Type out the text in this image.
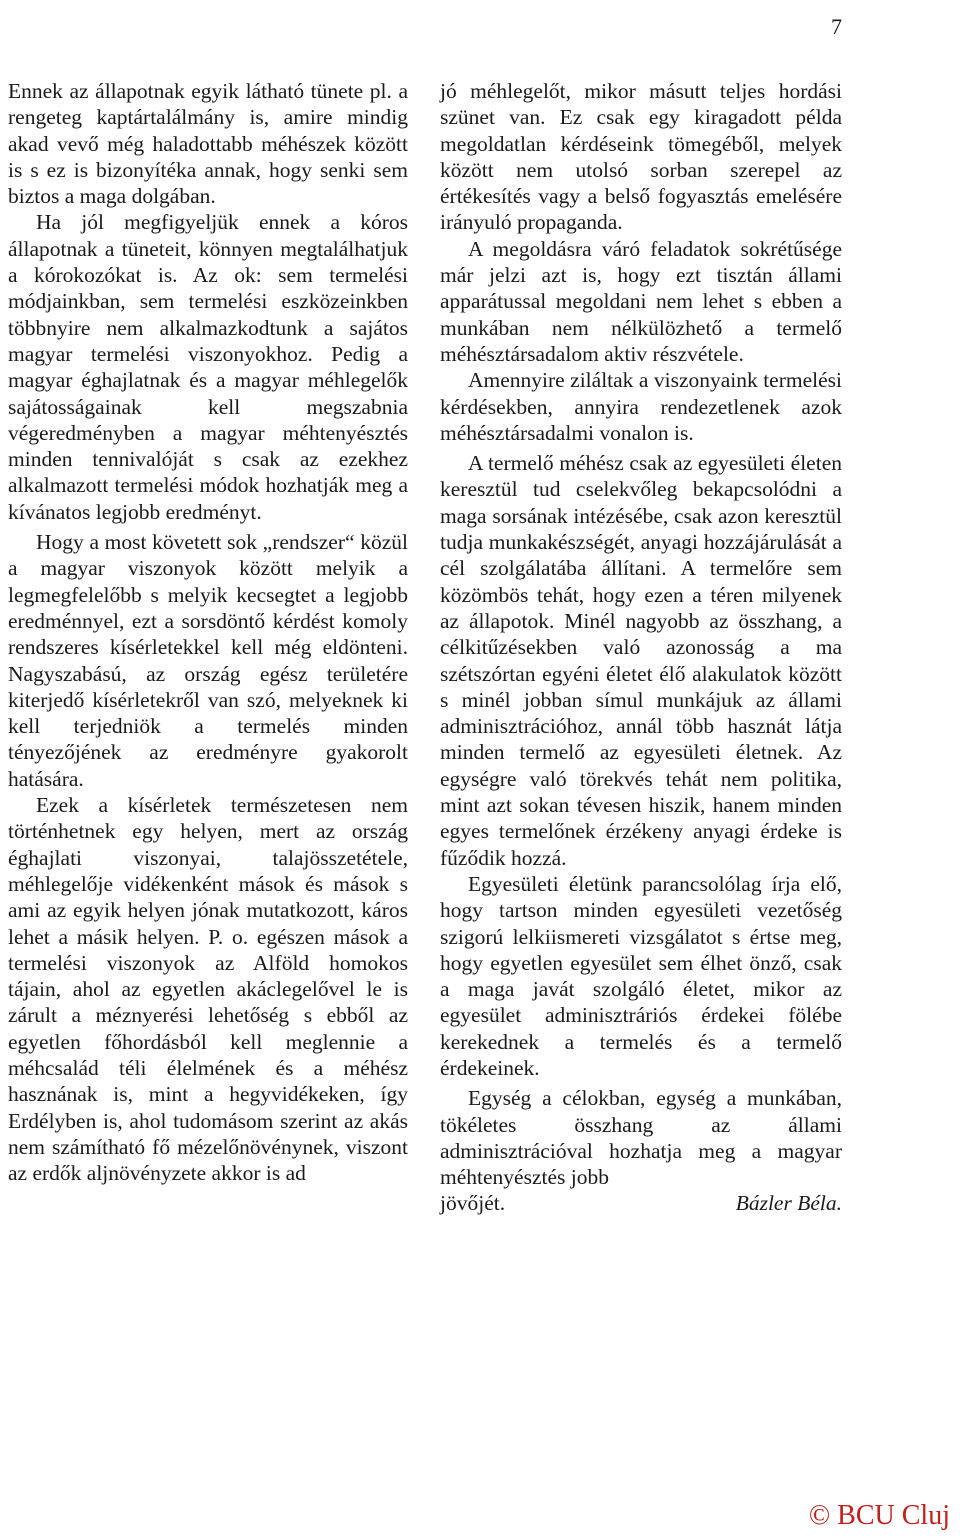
7

Ennek az állapotnak egyik látható tünete pl. a rengeteg kaptártalálmány is, amire mindig akad vevő még haladottabb méhészek között is s ez is bizonyítéka annak, hogy senki sem biztos a maga dolgában.

Ha jól megfigyeljük ennek a kóros állapotnak a tüneteit, könnyen megtalálhatjuk a kórokozókat is. Az ok: sem termelési módjainkban, sem termelési eszközeinkben többnyire nem alkalmazkodtunk a sajátos magyar termelési viszonyokhoz. Pedig a magyar éghajlatnak és a magyar méhlegelők sajátosságainak kell megszabnia végeredményben a magyar méhtenyésztés minden tennivalóját s csak az ezekhez alkalmazott termelési módok hozhatják meg a kívánatos legjobb eredményt.

Hogy a most követett sok „rendszer“ közül a magyar viszonyok között melyik a legmegfelelőbb s melyik kecsegtet a legjobb eredménnyel, ezt a sorsdöntő kérdést komoly rendszeres kísérletekkel kell még eldönteni. Nagyszabású, az ország egész területére kiterjedő kísérletekről van szó, melyeknek ki kell terjedniök a termelés minden tényezőjének az eredményre gyakorolt hatására.

Ezek a kísérletek természetesen nem történhetnek egy helyen, mert az ország éghajlati viszonyai, talajösszetétele, méhlegelője vidékenként mások és mások s ami az egyik helyen jónak mutatkozott, káros lehet a másik helyen. P. o. egészen mások a termelési viszonyok az Alföld homokos tájain, ahol az egyetlen akáclegelővel le is zárult a méznyerési lehetőség s ebből az egyetlen főhordásból kell meglennie a méhcsalád téli élelmének és a méhész hasznának is, mint a hegyvidékeken, így Erdélyben is, ahol tudomásom szerint az akás nem számítható fő mézelőnövénynek, viszont az erdők aljnövényzete akkor is ad

jó méhlegelőt, mikor másutt teljes hordási szünet van. Ez csak egy kiragadott példa megoldatlan kérdéseink tömegéből, melyek között nem utolsó sorban szerepel az értékesítés vagy a belső fogyasztás emelésére irányuló propaganda.

A megoldásra váró feladatok sokrétűsége már jelzi azt is, hogy ezt tisztán állami apparátussal megoldani nem lehet s ebben a munkában nem nélkülözhető a termelő méhésztársadalom aktiv részvétele.

Amennyire ziláltak a viszonyaink termelési kérdésekben, annyira rendezetlenek azok méhésztársadalmi vonalon is.

A termelő méhész csak az egyesületi életen keresztül tud cselekvőleg bekapcsolódni a maga sorsának intézésébe, csak azon keresztül tudja munkakészségét, anyagi hozzájárulását a cél szolgálatába állítani. A termelőre sem közömbös tehát, hogy ezen a téren milyenek az állapotok. Minél nagyobb az összhang, a célkitűzésekben való azonosság a ma szétszórtan egyéni életet élő alakulatok között s minél jobban símul munkájuk az állami adminisztrációhoz, annál több hasznát látja minden termelő az egyesületi életnek. Az egységre való törekvés tehát nem politika, mint azt sokan tévesen hiszik, hanem minden egyes termelőnek érzékeny anyagi érdeke is fűződik hozzá.

Egyesületi életünk parancsolólag írja elő, hogy tartson minden egyesületi vezetőség szigorú lelkiismereti vizsgálatot s értse meg, hogy egyetlen egyesület sem élhet önző, csak a maga javát szolgáló életet, mikor az egyesület adminisztráriós érdekei fölébe kerekednek a termelés és a termelő érdekeinek.

Egység a célokban, egység a munkában, tökéletes összhang az állami adminisztrációval hozhatja meg a magyar méhtenyésztés jobb

jövőjét.	Bázler Béla.
© BCU Cluj
